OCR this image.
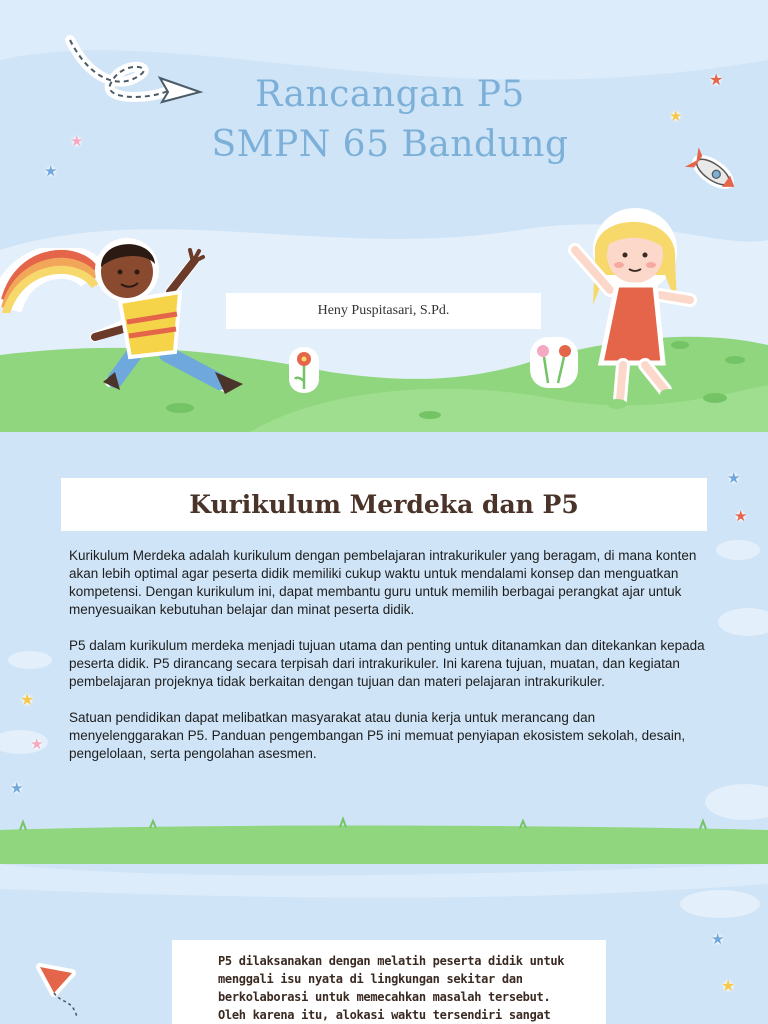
★
★
★
★
Rancangan P5
SMPN 65 Bandung
Heny Puspitasari, S.Pd.
★
★
★
★
★
Kurikulum Merdeka dan P5

Kurikulum Merdeka adalah kurikulum dengan pembelajaran intrakurikuler yang beragam, di mana konten akan lebih optimal agar peserta didik memiliki cukup waktu untuk mendalami konsep dan menguatkan kompetensi. Dengan kurikulum ini, dapat membantu guru untuk memilih berbagai perangkat ajar untuk menyesuaikan kebutuhan belajar dan minat peserta didik.

P5 dalam kurikulum merdeka menjadi tujuan utama dan penting untuk ditanamkan dan ditekankan kepada peserta didik. P5 dirancang secara terpisah dari intrakurikuler. Ini karena tujuan, muatan, dan kegiatan pembelajaran projeknya tidak berkaitan dengan tujuan dan materi pelajaran intrakurikuler.

Satuan pendidikan dapat melibatkan masyarakat atau dunia kerja untuk merancang dan menyelenggarakan P5. Panduan pengembangan P5 ini memuat penyiapan ekosistem sekolah, desain, pengelolaan, serta pengolahan asesmen.

★
★

P5 dilaksanakan dengan melatih peserta didik untuk menggali isu nyata di lingkungan sekitar dan berkolaborasi untuk memecahkan masalah tersebut. Oleh karena itu, alokasi waktu tersendiri sangat
